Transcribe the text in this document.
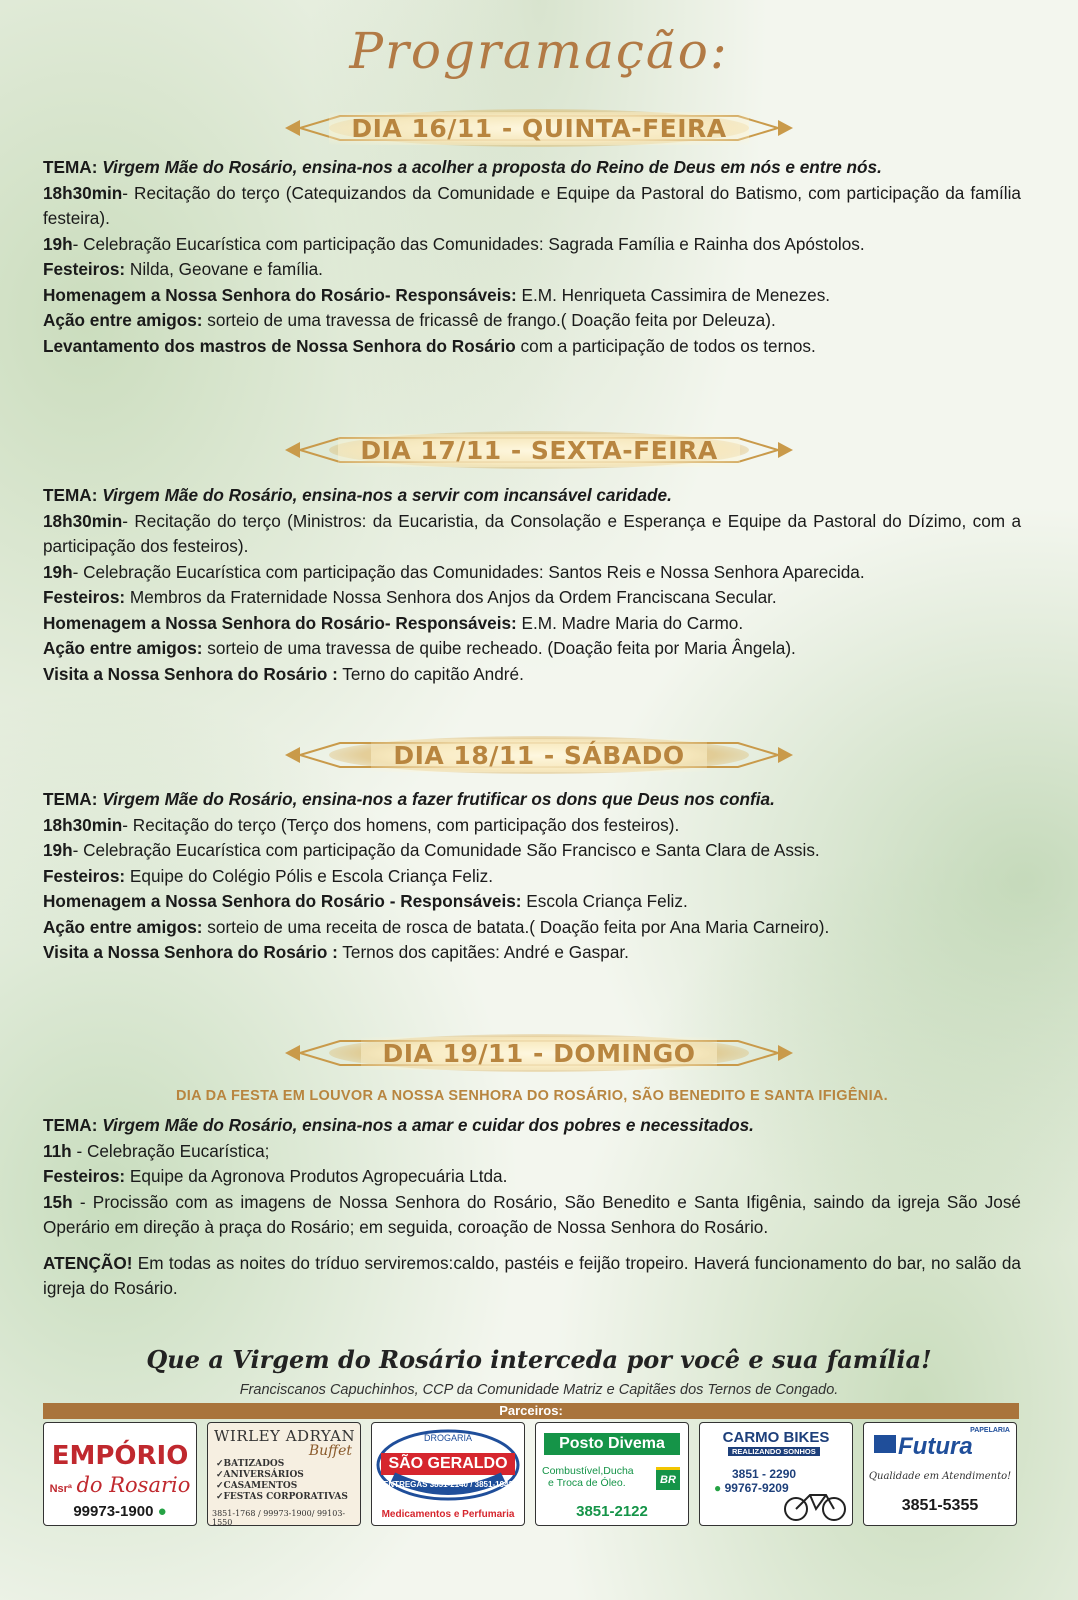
Programação:
DIA 16/11 - QUINTA-FEIRA

TEMA: Virgem Mãe do Rosário, ensina-nos a acolher a proposta do Reino de Deus em nós e entre nós.

18h30min- Recitação do terço (Catequizandos da Comunidade e Equipe da Pastoral do Batismo, com participação da família festeira).

19h- Celebração Eucarística com participação das Comunidades: Sagrada Família e Rainha dos Apóstolos.

Festeiros: Nilda, Geovane e família.

Homenagem a Nossa Senhora do Rosário- Responsáveis: E.M. Henriqueta Cassimira de Menezes.

Ação entre amigos: sorteio de uma travessa de fricassê de frango.( Doação feita por Deleuza).

Levantamento dos mastros de Nossa Senhora do Rosário com a participação de todos os ternos.

DIA 17/11 - SEXTA-FEIRA

TEMA: Virgem Mãe do Rosário, ensina-nos a servir com incansável caridade.

18h30min- Recitação do terço (Ministros: da Eucaristia, da Consolação e Esperança e Equipe da Pastoral do Dízimo, com a participação dos festeiros).

19h- Celebração Eucarística com participação das Comunidades: Santos Reis e Nossa Senhora Aparecida.

Festeiros: Membros da Fraternidade Nossa Senhora dos Anjos da Ordem Franciscana Secular.

Homenagem a Nossa Senhora do Rosário- Responsáveis: E.M. Madre Maria do Carmo.

Ação entre amigos: sorteio de uma travessa de quibe recheado. (Doação feita por Maria Ângela).

Visita a Nossa Senhora do Rosário : Terno do capitão André.

DIA 18/11 - SÁBADO

TEMA: Virgem Mãe do Rosário, ensina-nos a fazer frutificar os dons que Deus nos confia.

18h30min- Recitação do terço (Terço dos homens, com participação dos festeiros).

19h- Celebração Eucarística com participação da Comunidade São Francisco e Santa Clara de Assis.

Festeiros: Equipe do Colégio Pólis e Escola Criança Feliz.

Homenagem a Nossa Senhora do Rosário - Responsáveis: Escola Criança Feliz.

Ação entre amigos: sorteio de uma receita de rosca de batata.( Doação feita por Ana Maria Carneiro).

Visita a Nossa Senhora do Rosário : Ternos dos capitães: André e Gaspar.

DIA 19/11 - DOMINGO
DIA DA FESTA EM LOUVOR A NOSSA SENHORA DO ROSÁRIO, SÃO BENEDITO E SANTA IFIGÊNIA.

TEMA: Virgem Mãe do Rosário, ensina-nos a amar e cuidar dos pobres e necessitados.

11h - Celebração Eucarística;

Festeiros: Equipe da Agronova Produtos Agropecuária Ltda.

15h - Procissão com as imagens de Nossa Senhora do Rosário, São Benedito e Santa Ifigênia, saindo da igreja São José Operário em direção à praça do Rosário; em seguida, coroação de Nossa Senhora do Rosário.

ATENÇÃO! Em todas as noites do tríduo serviremos:caldo, pastéis e feijão tropeiro. Haverá funcionamento do bar, no salão da igreja do Rosário.

Que a Virgem do Rosário interceda por você e sua família!
Franciscanos Capuchinhos, CCP da Comunidade Matriz e Capitães dos Ternos de Congado.
Parceiros:
EMPÓRIO
Nsrª do Rosario
99973-1900 ●
WIRLEY ADRYAN
Buffet
✓BATIZADOS
✓ANIVERSÁRIOS
✓CASAMENTOS
✓FESTAS CORPORATIVAS
3851-1768 / 99973-1900/ 99103-1550
DROGARIA
SÃO GERALDO
ENTREGAS 3851-2140 / 3851-1942
Medicamentos e Perfumaria
Posto Divema
Combustível,Ducha
e Troca de Óleo.	BR
3851-2122
CARMO BIKES
REALIZANDO SONHOS
3851 - 2290
● 99767-9209
PAPELARIA
Futura
Qualidade em Atendimento!
3851-5355
